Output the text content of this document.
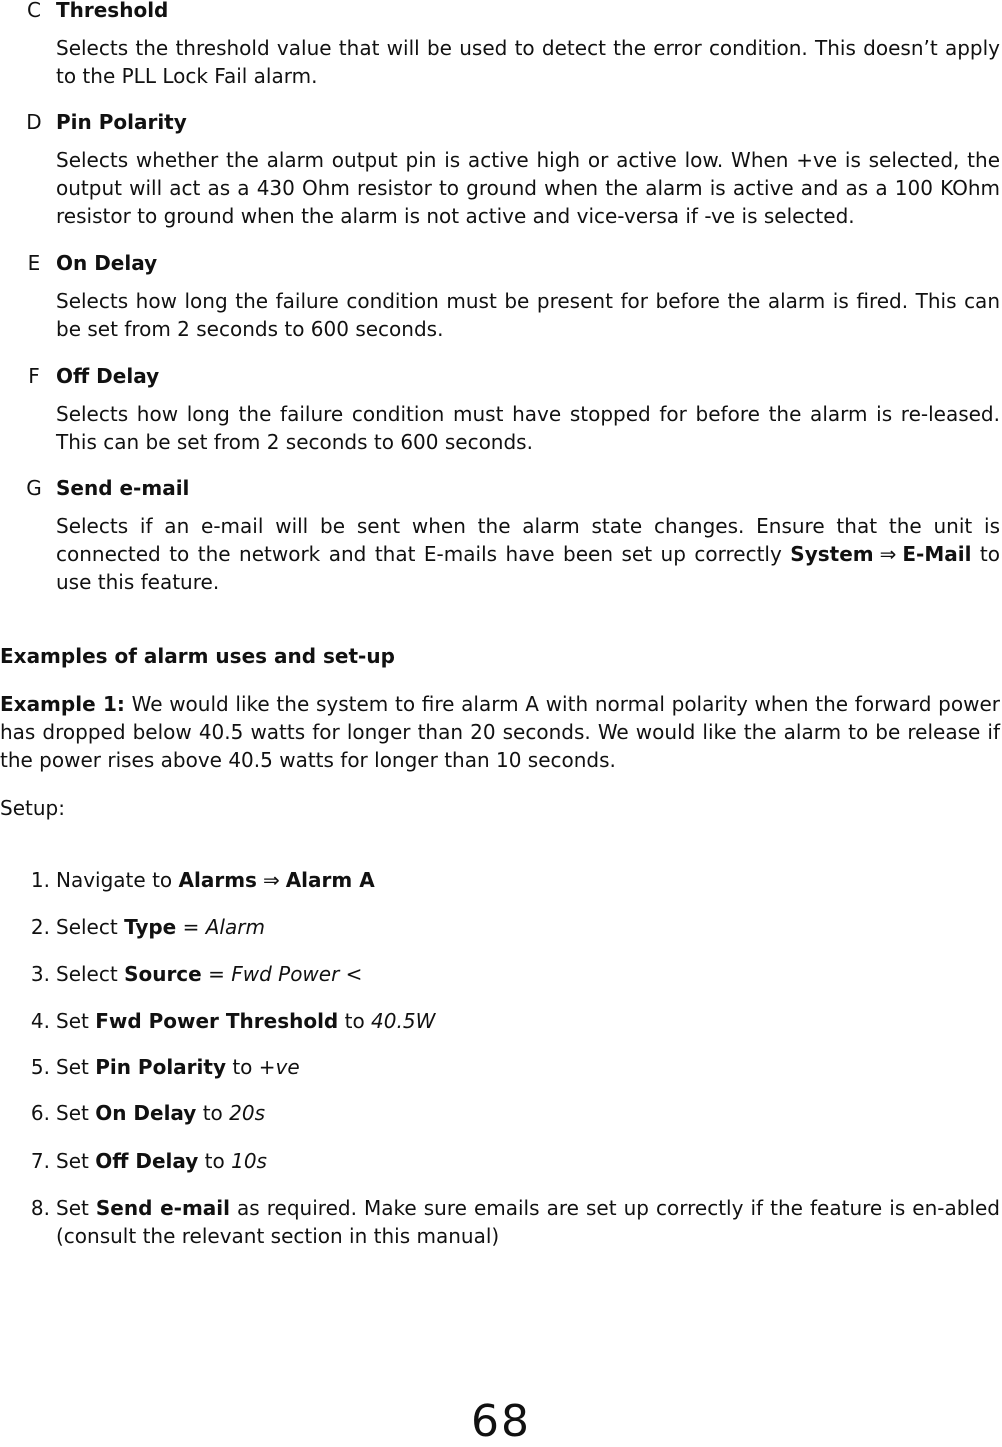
C Threshold
Selects the threshold value that will be used to detect the error condition. This doesn’t apply to the PLL Lock Fail alarm.
D Pin Polarity
Selects whether the alarm output pin is active high or active low. When +ve is selected, the output will act as a 430 Ohm resistor to ground when the alarm is active and as a 100 KOhm resistor to ground when the alarm is not active and vice-versa if -ve is selected.
E On Delay
Selects how long the failure condition must be present for before the alarm is fired. This can be set from 2 seconds to 600 seconds.
F Off Delay
Selects how long the failure condition must have stopped for before the alarm is re-leased. This can be set from 2 seconds to 600 seconds.
G Send e-mail
Selects if an e-mail will be sent when the alarm state changes. Ensure that the unit is connected to the network and that E-mails have been set up correctly System ⇒ E-Mail to use this feature.
Examples of alarm uses and set-up
Example 1: We would like the system to fire alarm A with normal polarity when the forward power has dropped below 40.5 watts for longer than 20 seconds. We would like the alarm to be release if the power rises above 40.5 watts for longer than 10 seconds.
Setup:
1. Navigate to Alarms ⇒ Alarm A
2. Select Type = Alarm
3. Select Source = Fwd Power <
4. Set Fwd Power Threshold to 40.5W
5. Set Pin Polarity to +ve
6. Set On Delay to 20s
7. Set Off Delay to 10s
8. Set Send e-mail as required. Make sure emails are set up correctly if the feature is en-abled (consult the relevant section in this manual)
68
